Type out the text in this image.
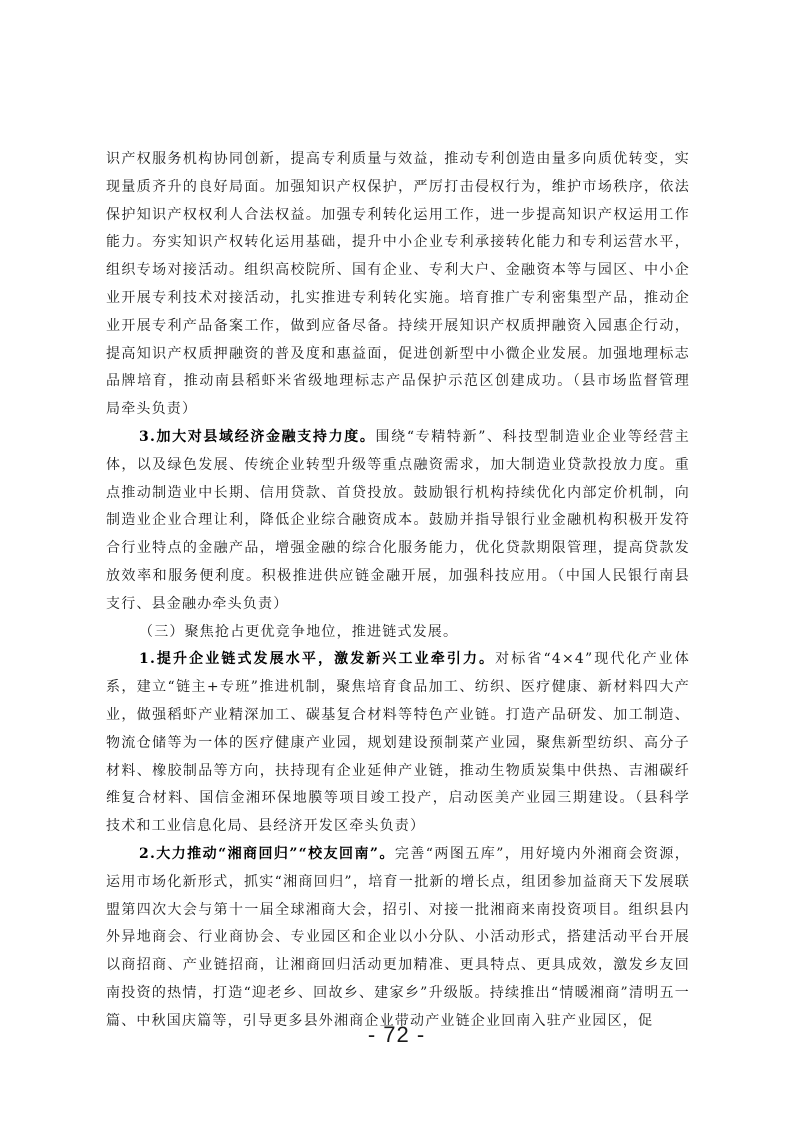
识产权服务机构协同创新，提高专利质量与效益，推动专利创造由量多向质优转变，实现量质齐升的良好局面。加强知识产权保护，严厉打击侵权行为，维护市场秩序，依法保护知识产权权利人合法权益。加强专利转化运用工作，进一步提高知识产权运用工作能力。夯实知识产权转化运用基础，提升中小企业专利承接转化能力和专利运营水平，组织专场对接活动。组织高校院所、国有企业、专利大户、金融资本等与园区、中小企业开展专利技术对接活动，扎实推进专利转化实施。培育推广专利密集型产品，推动企业开展专利产品备案工作，做到应备尽备。持续开展知识产权质押融资入园惠企行动，提高知识产权质押融资的普及度和惠益面，促进创新型中小微企业发展。加强地理标志品牌培育，推动南县稻虾米省级地理标志产品保护示范区创建成功。（县市场监督管理局牵头负责）

3.加大对县域经济金融支持力度。围绕“专精特新”、科技型制造业企业等经营主体，以及绿色发展、传统企业转型升级等重点融资需求，加大制造业贷款投放力度。重点推动制造业中长期、信用贷款、首贷投放。鼓励银行机构持续优化内部定价机制，向制造业企业合理让利，降低企业综合融资成本。鼓励并指导银行业金融机构积极开发符合行业特点的金融产品，增强金融的综合化服务能力，优化贷款期限管理，提高贷款发放效率和服务便利度。积极推进供应链金融开展，加强科技应用。（中国人民银行南县支行、县金融办牵头负责）

（三）聚焦抢占更优竞争地位，推进链式发展。

1.提升企业链式发展水平，激发新兴工业牵引力。对标省“4×4”现代化产业体系，建立“链主+专班”推进机制，聚焦培育食品加工、纺织、医疗健康、新材料四大产业，做强稻虾产业精深加工、碳基复合材料等特色产业链。打造产品研发、加工制造、物流仓储等为一体的医疗健康产业园，规划建设预制菜产业园，聚焦新型纺织、高分子材料、橡胶制品等方向，扶持现有企业延伸产业链，推动生物质炭集中供热、吉湘碳纤维复合材料、国信金湘环保地膜等项目竣工投产，启动医美产业园三期建设。（县科学技术和工业信息化局、县经济开发区牵头负责）

2.大力推动“湘商回归”“校友回南”。完善“两图五库”，用好境内外湘商会资源，运用市场化新形式，抓实“湘商回归”，培育一批新的增长点，组团参加益商天下发展联盟第四次大会与第十一届全球湘商大会，招引、对接一批湘商来南投资项目。组织县内外异地商会、行业商协会、专业园区和企业以小分队、小活动形式，搭建活动平台开展以商招商、产业链招商，让湘商回归活动更加精准、更具特点、更具成效，激发乡友回南投资的热情，打造“迎老乡、回故乡、建家乡”升级版。持续推出“情暖湘商”清明五一篇、中秋国庆篇等，引导更多县外湘商企业带动产业链企业回南入驻产业园区，促

- 72 -
